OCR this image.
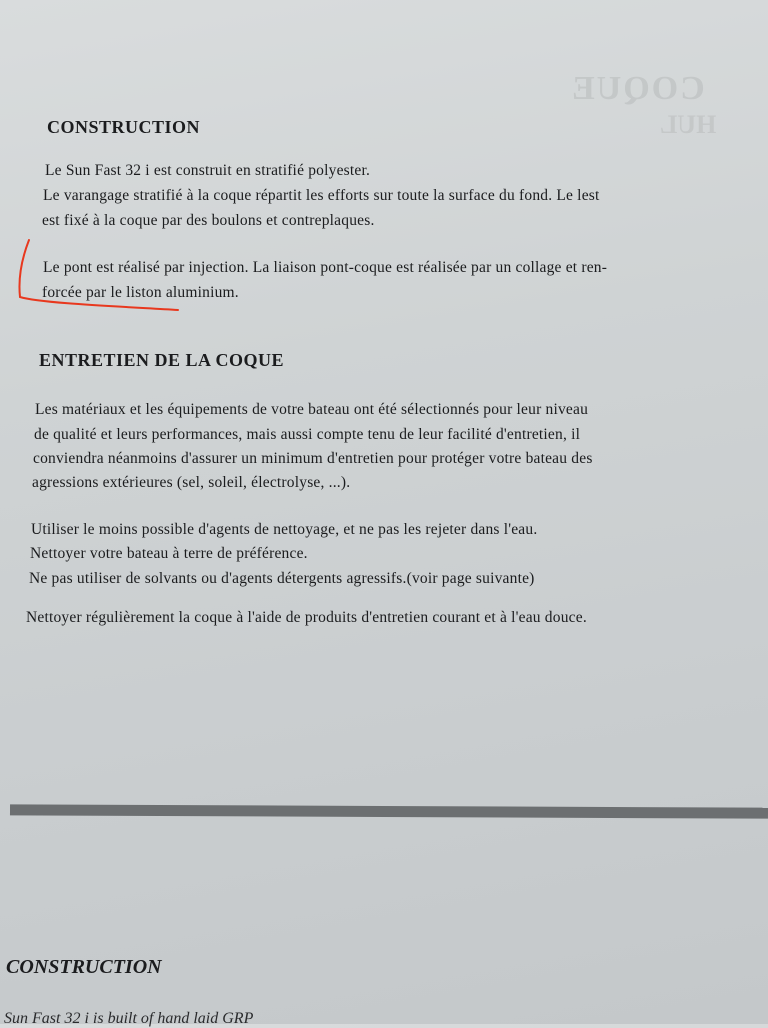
COQUE
HUL
CONSTRUCTION
Le Sun Fast 32 i est construit en stratifié polyester.
Le varangage stratifié à la coque répartit les efforts sur toute la surface du fond. Le lest
est fixé à la coque par des boulons et contreplaques.
Le pont est réalisé par injection. La liaison pont-coque est réalisée par un collage et ren-
forcée par le liston aluminium.
ENTRETIEN DE LA COQUE
Les matériaux et les équipements de votre bateau ont été sélectionnés pour leur niveau
de qualité et leurs performances, mais aussi compte tenu de leur facilité d'entretien, il
conviendra néanmoins d'assurer un minimum d'entretien pour protéger votre bateau des
agressions extérieures (sel, soleil, électrolyse, ...).
Utiliser le moins possible d'agents de nettoyage, et ne pas les rejeter dans l'eau.
Nettoyer votre bateau à terre de préférence.
Ne pas utiliser de solvants ou d'agents détergents agressifs.(voir page suivante)
Nettoyer régulièrement la coque à l'aide de produits d'entretien courant et à l'eau douce.
CONSTRUCTION
Sun Fast 32 i is built of hand laid GRP
